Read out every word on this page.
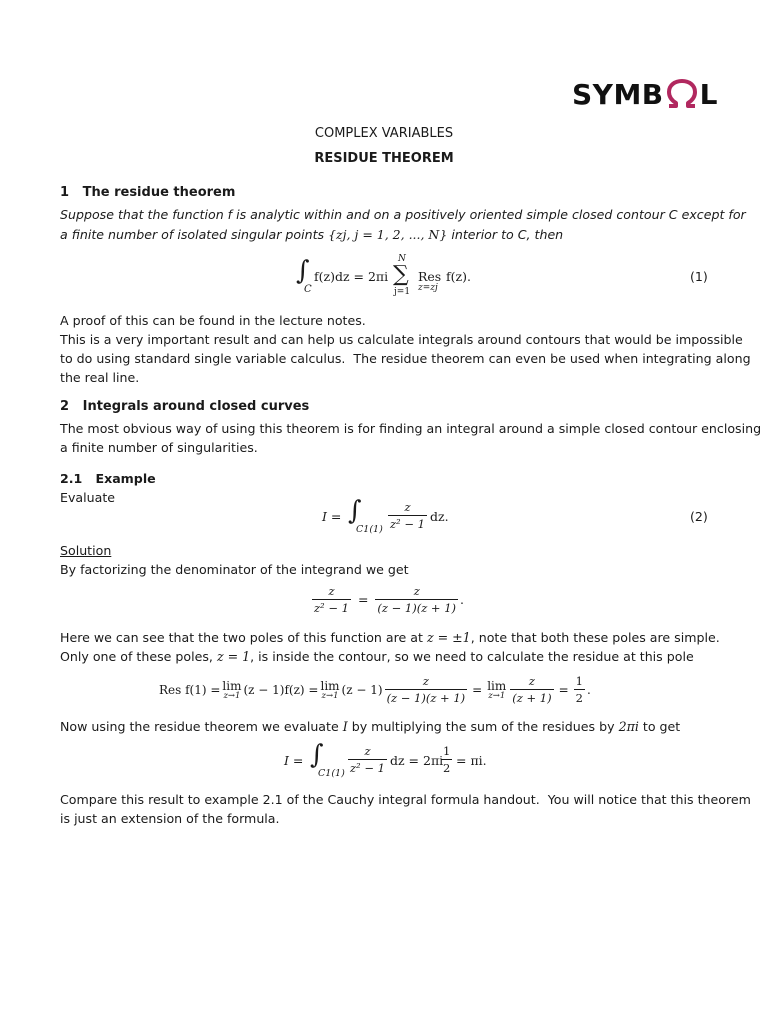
SYMB L
COMPLEX VARIABLES
RESIDUE THEOREM
1   The residue theorem
Suppose that the function f is analytic within and on a positively oriented simple closed contour C except for
a finite number of isolated singular points {zj, j = 1, 2, ..., N} interior to C, then
∫
C
f(z)dz = 2πi
N
∑
j=1
Res
z=zj
f(z).	(1)
A proof of this can be found in the lecture notes.
This is a very important result and can help us calculate integrals around contours that would be impossible
to do using standard single variable calculus.  The residue theorem can even be used when integrating along
the real line.
2   Integrals around closed curves
The most obvious way of using this theorem is for finding an integral around a simple closed contour enclosing
a finite number of singularities.
2.1   Example
Evaluate
I = ∫
$C1(1) \frac{z}{\text{z² − 1}}$ dz.	(2)
Solution
By factorizing the denominator of the integrand we get
$\frac{z}{\text{z² − 1}} = \frac{z}{(z - 1)(z + 1)}$ .
Here we can see that the two poles of this function are at z = ±1, note that both these poles are simple.
Only one of these poles, z = 1, is inside the contour, so we need to calculate the residue at this pole
Res f(1) = lim
z→1 (z − 1)f(z) = lim
z→1 $(z - 1) \frac{z}{(z - 1)(z + 1)} = \lim$
$z\to 1 \frac{z}{(z + 1)} = \frac{1}{2}$ .
Now using the residue theorem we evaluate I by multiplying the sum of the residues by 2πi to get
I = ∫
$C1(1) \frac{z}{\text{z² − 1}}$ dz = 2πi
$\frac{1}{2} = \pi i$.
Compare this result to example 2.1 of the Cauchy integral formula handout.  You will notice that this theorem
is just an extension of the formula.
